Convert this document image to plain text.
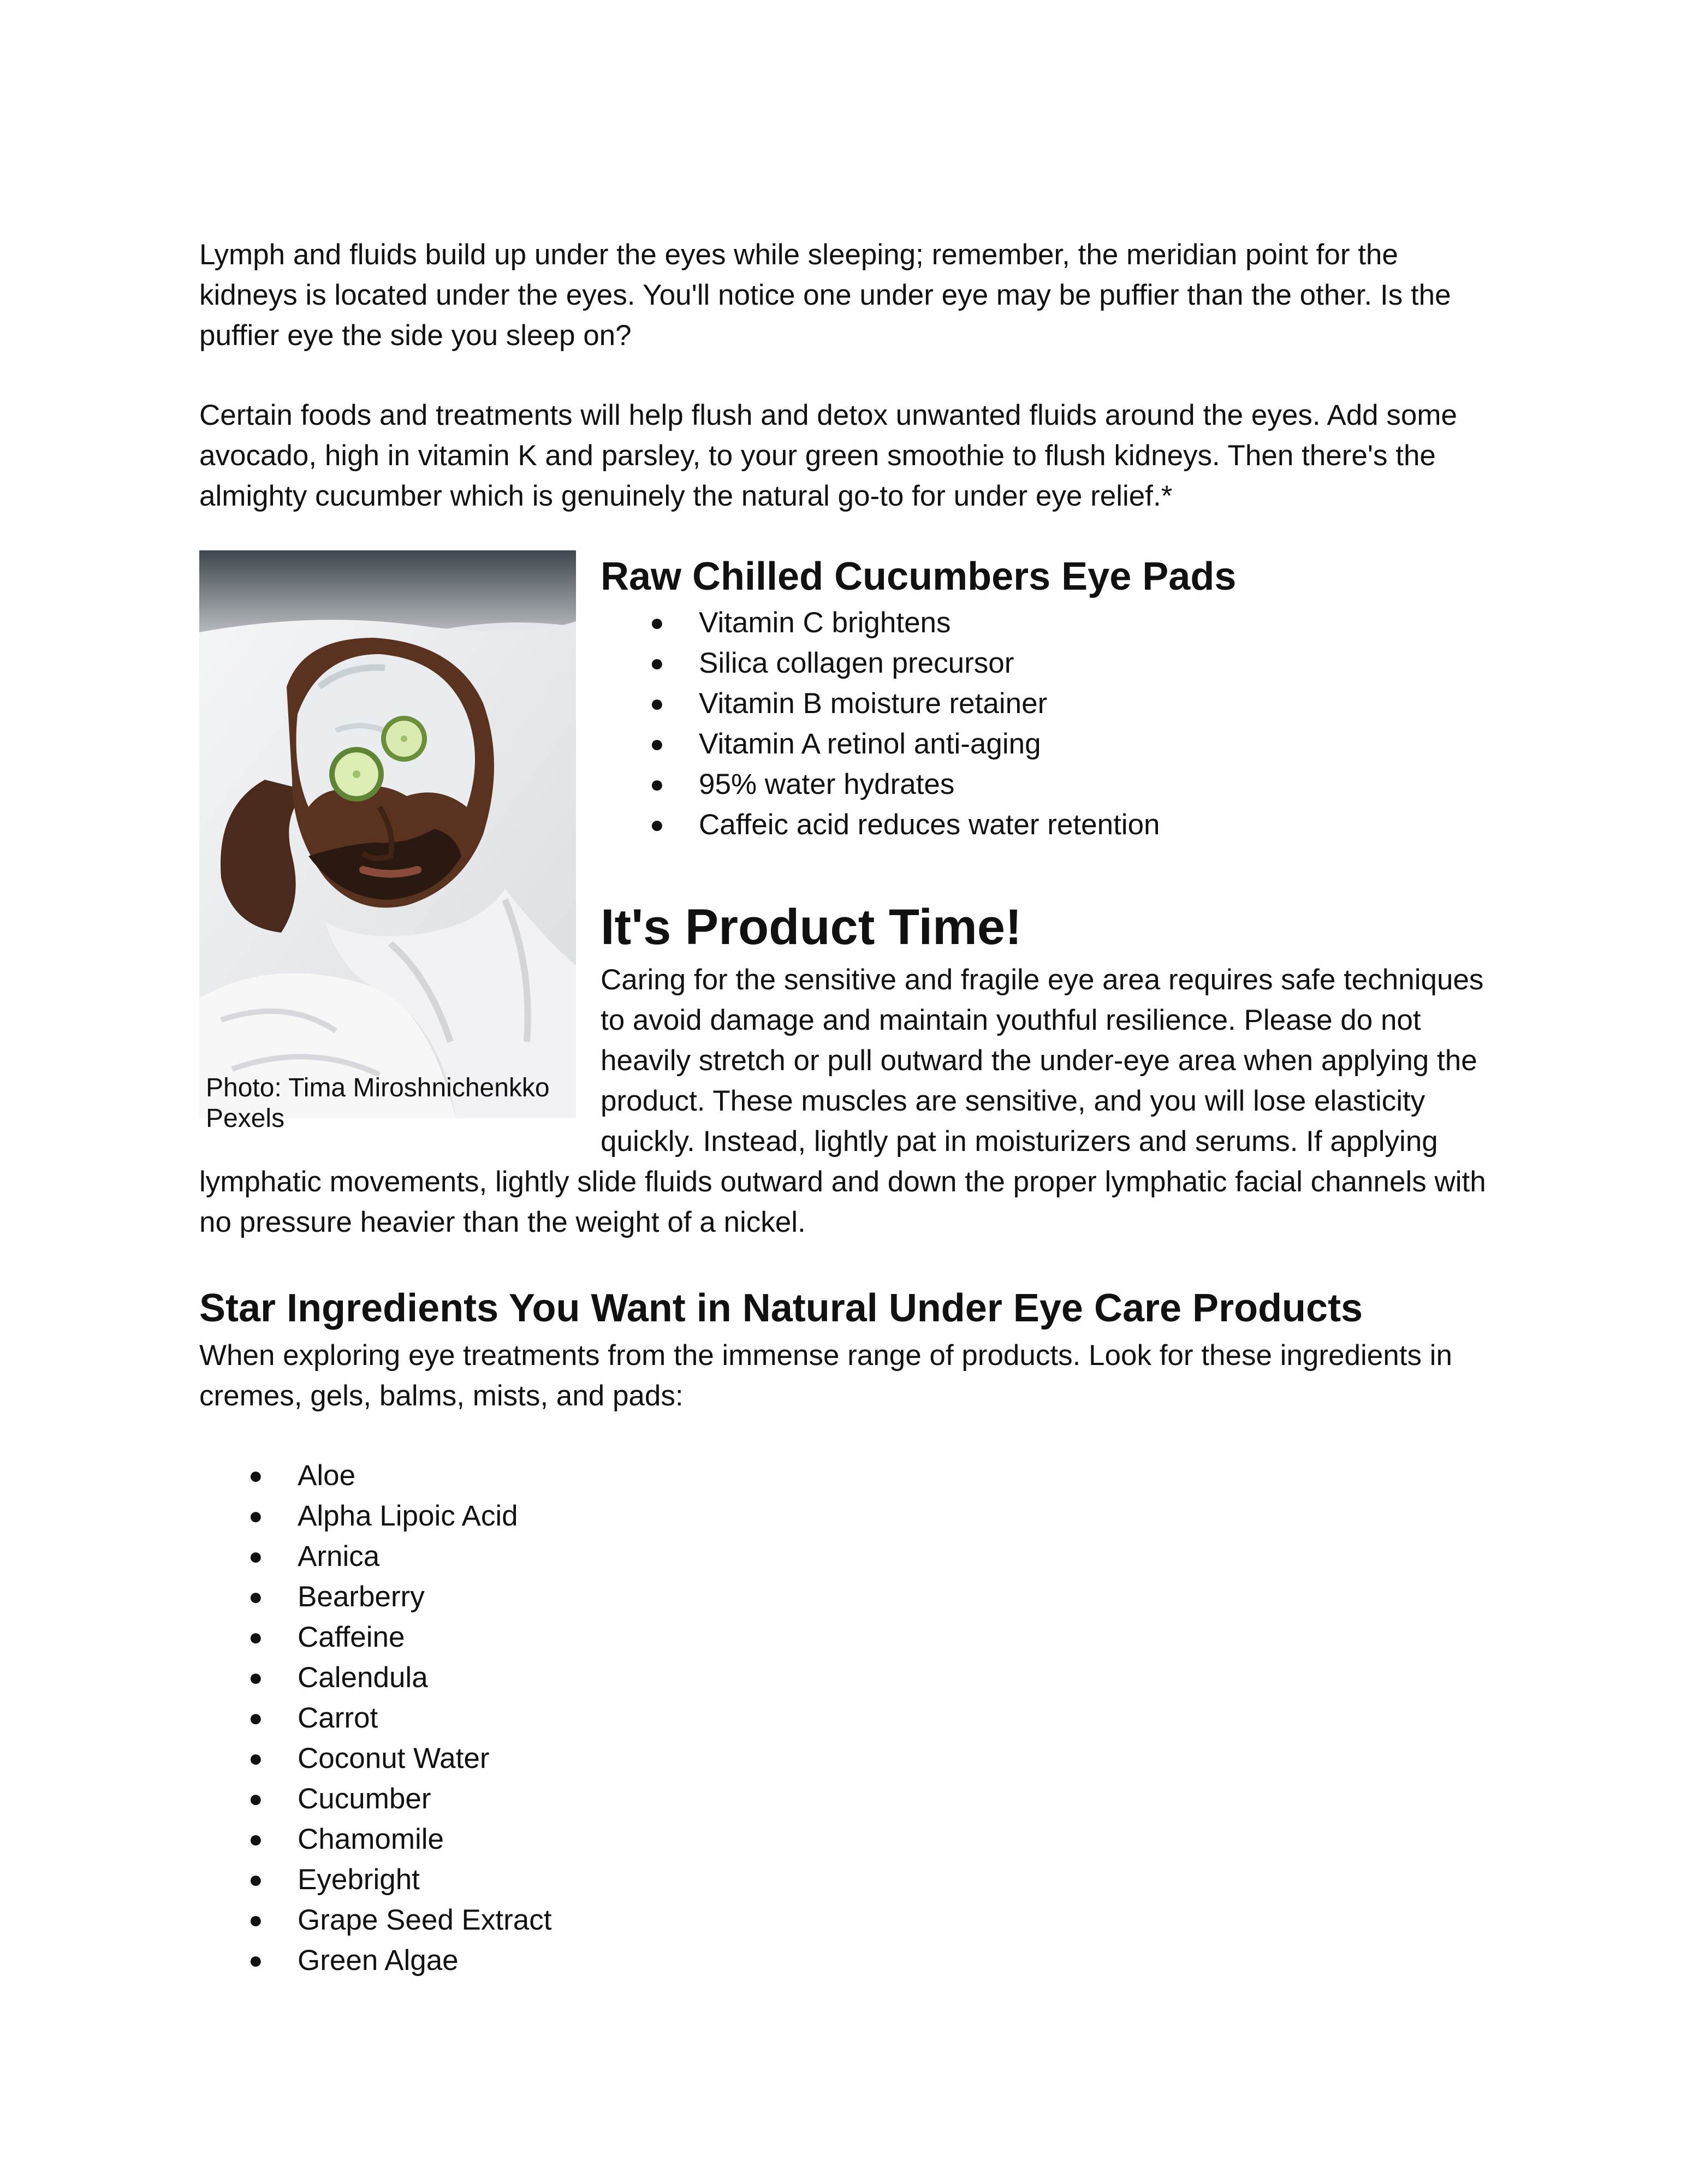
Lymph and fluids build up under the eyes while sleeping; remember, the meridian point for the kidneys is located under the eyes. You'll notice one under eye may be puffier than the other. Is the puffier eye the side you sleep on?

Certain foods and treatments will help flush and detox unwanted fluids around the eyes. Add some avocado, high in vitamin K and parsley, to your green smoothie to flush kidneys. Then there's the almighty cucumber which is genuinely the natural go-to for under eye relief.*

Photo: Tima Miroshnichenkko
Pexels
Raw Chilled Cucumbers Eye Pads
● Vitamin C brightens
● Silica collagen precursor
● Vitamin B moisture retainer
● Vitamin A retinol anti-aging
● 95% water hydrates
● Caffeic acid reduces water retention
It's Product Time!

Caring for the sensitive and fragile eye area requires safe techniques to avoid damage and maintain youthful resilience. Please do not heavily stretch or pull outward the under-eye area when applying the product. These muscles are sensitive, and you will lose elasticity quickly. Instead, lightly pat in moisturizers and serums. If applying lymphatic movements, lightly slide fluids outward and down the proper lymphatic facial channels with no pressure heavier than the weight of a nickel.

Star Ingredients You Want in Natural Under Eye Care Products

When exploring eye treatments from the immense range of products. Look for these ingredients in cremes, gels, balms, mists, and pads:

● Aloe
● Alpha Lipoic Acid
● Arnica
● Bearberry
● Caffeine
● Calendula
● Carrot
● Coconut Water
● Cucumber
● Chamomile
● Eyebright
● Grape Seed Extract
● Green Algae
